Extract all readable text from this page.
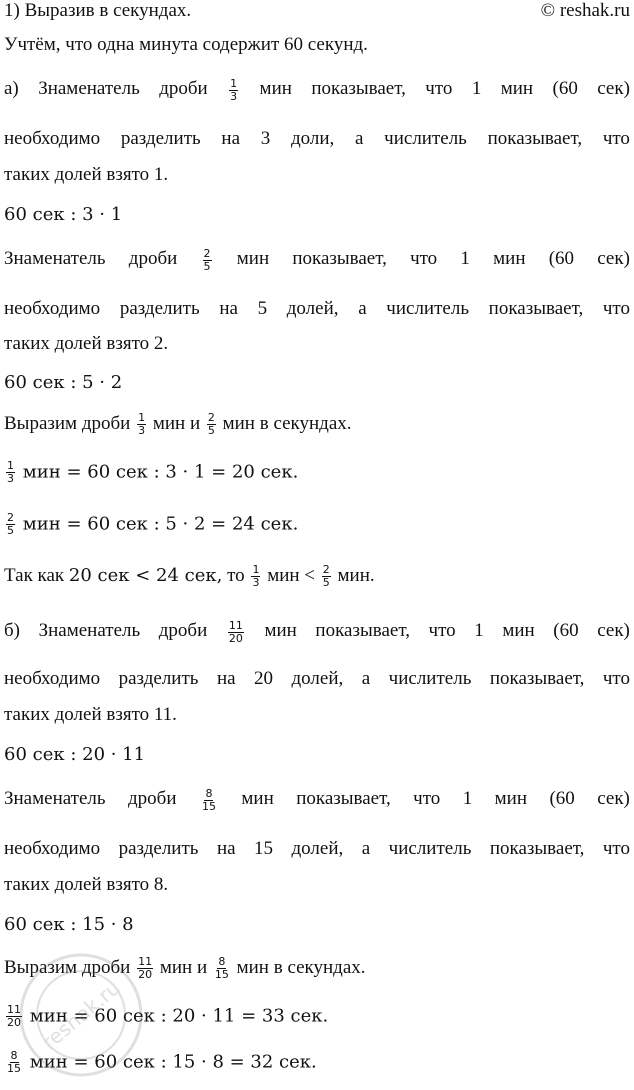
1) Выразив в секундах.	© reshak.ru
Учтём, что одна минута содержит 60 секунд.
а) Знаменатель дроби $\frac{1}{3}$ мин показывает, что 1 мин (60 сек)
необходимо разделить на 3 доли, а числитель показывает, что
таких долей взято 1.
60 сек : 3 · 1
Знаменатель дроби $\frac{2}{5}$ мин показывает, что 1 мин (60 сек)
необходимо разделить на 5 долей, а числитель показывает, что
таких долей взято 2.
60 сек : 5 · 2
Выразим дроби $\frac{1}{3}$ мин и $\frac{2}{5}$ мин в секундах.
$\frac{1}{3}$ мин = 60 сек : 3 · 1 = 20 сек.
$\frac{2}{5}$ мин = 60 сек : 5 · 2 = 24 сек.
Так как 20 сек < 24 сек, то $\frac{1}{3}$ мин < $\frac{2}{5}$ мин.
б) Знаменатель дроби $\frac{11}{20}$ мин показывает, что 1 мин (60 сек)
необходимо разделить на 20 долей, а числитель показывает, что
таких долей взято 11.
60 сек : 20 · 11
Знаменатель дроби $\frac{8}{15}$ мин показывает, что 1 мин (60 сек)
необходимо разделить на 15 долей, а числитель показывает, что
таких долей взято 8.
60 сек : 15 · 8
Выразим дроби $\frac{11}{20}$ мин и $\frac{8}{15}$ мин в секундах.
$\frac{11}{20}$ мин = 60 сек : 20 · 11 = 33 сек.
$\frac{8}{15}$ мин = 60 сек : 15 · 8 = 32 сек.
reshak.ru
